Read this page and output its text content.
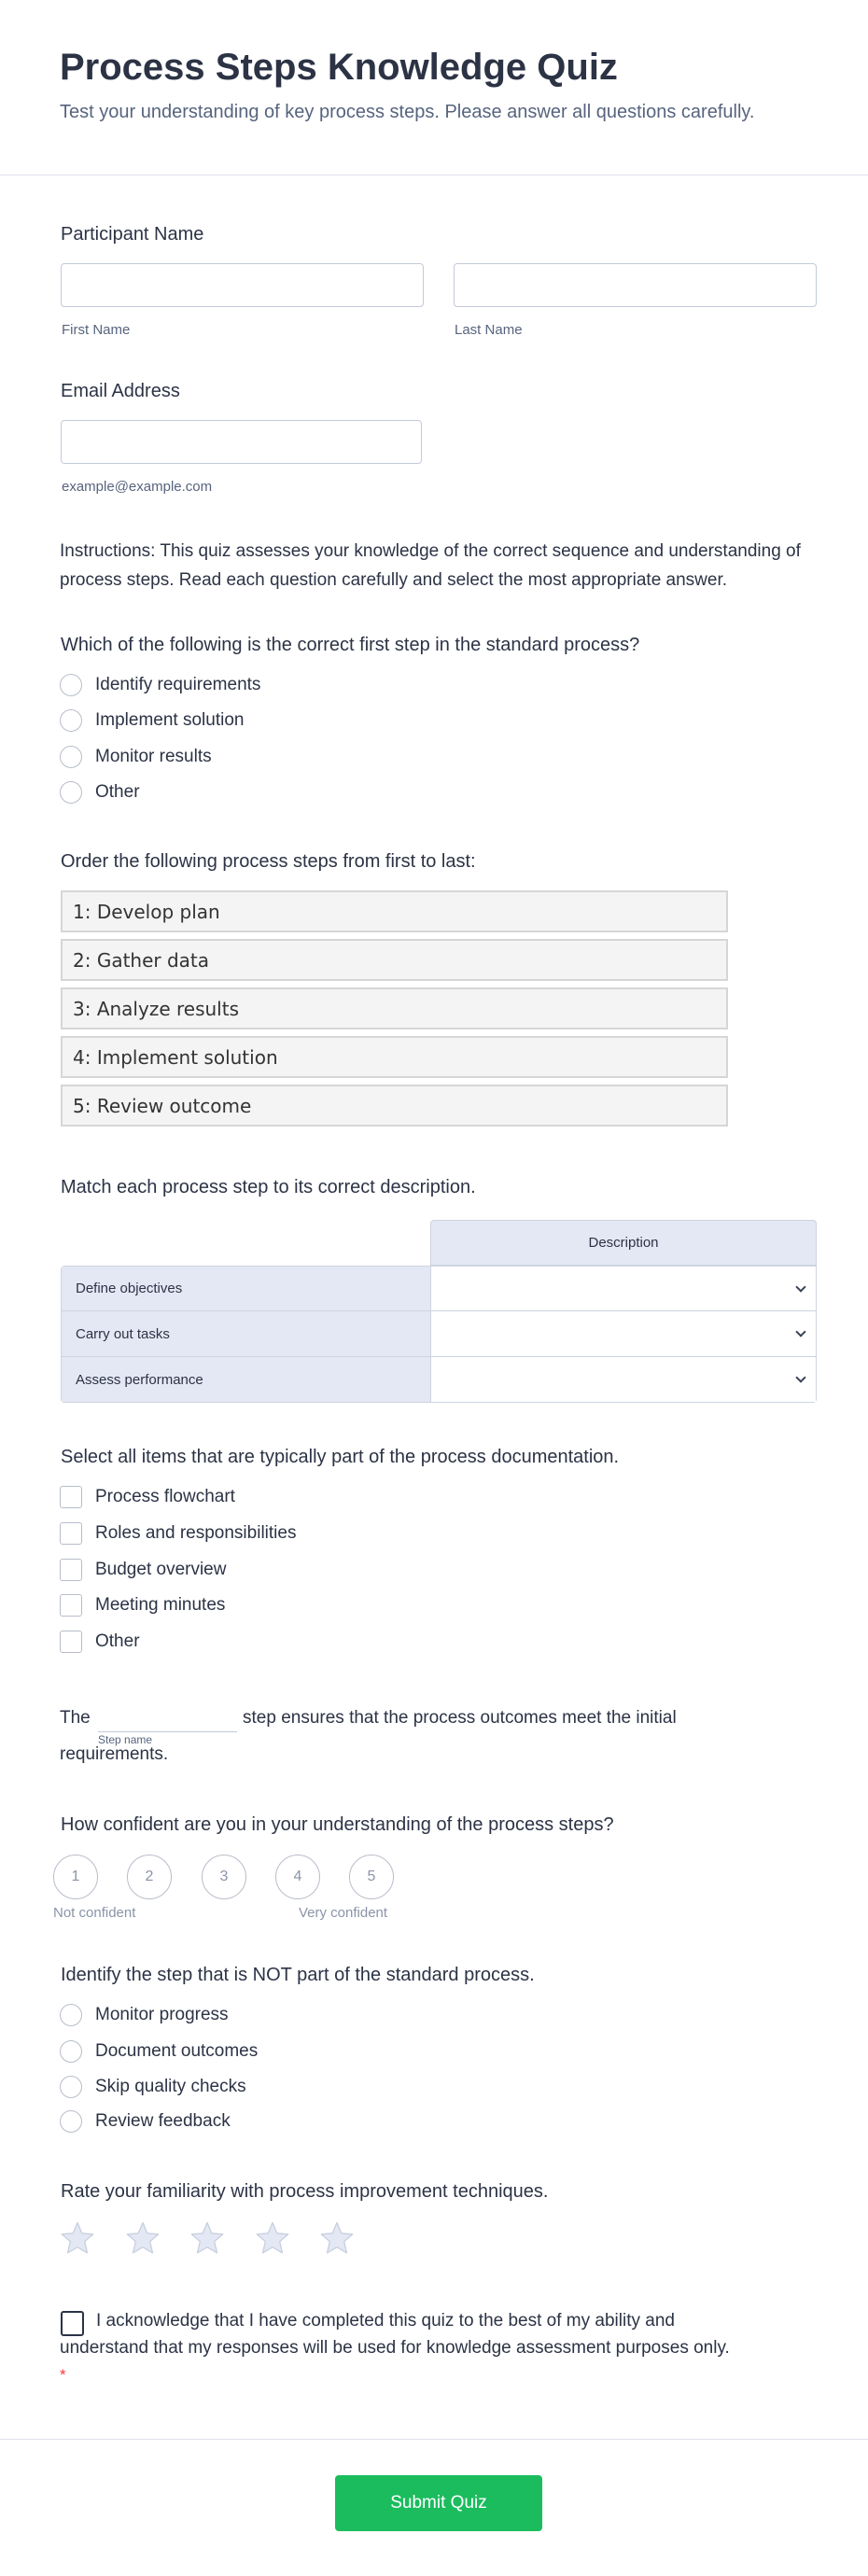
Process Steps Knowledge Quiz
Test your understanding of key process steps. Please answer all questions carefully.
Participant Name
First Name	Last Name
Email Address
example@example.com
Instructions: This quiz assesses your knowledge of the correct sequence and understanding of process steps. Read each question carefully and select the most appropriate answer.
Which of the following is the correct first step in the standard process?
Identify requirements
Implement solution
Monitor results
Other
Order the following process steps from first to last:
1: Develop plan
2: Gather data
3: Analyze results
4: Implement solution
5: Review outcome
Match each process step to its correct description.
Description
Define objectives
Carry out tasks
Assess performance
Select all items that are typically part of the process documentation.
Process flowchart
Roles and responsibilities
Budget overview
Meeting minutes
Other
The
Step name
step ensures that the process outcomes meet the initial
requirements.
How confident are you in your understanding of the process steps?
1	2	3	4	5
Not confident	Very confident
Identify the step that is NOT part of the standard process.
Monitor progress
Document outcomes
Skip quality checks
Review feedback
Rate your familiarity with process improvement techniques.
I acknowledge that I have completed this quiz to the best of my ability and understand that my responses will be used for knowledge assessment purposes only. *
Submit Quiz
